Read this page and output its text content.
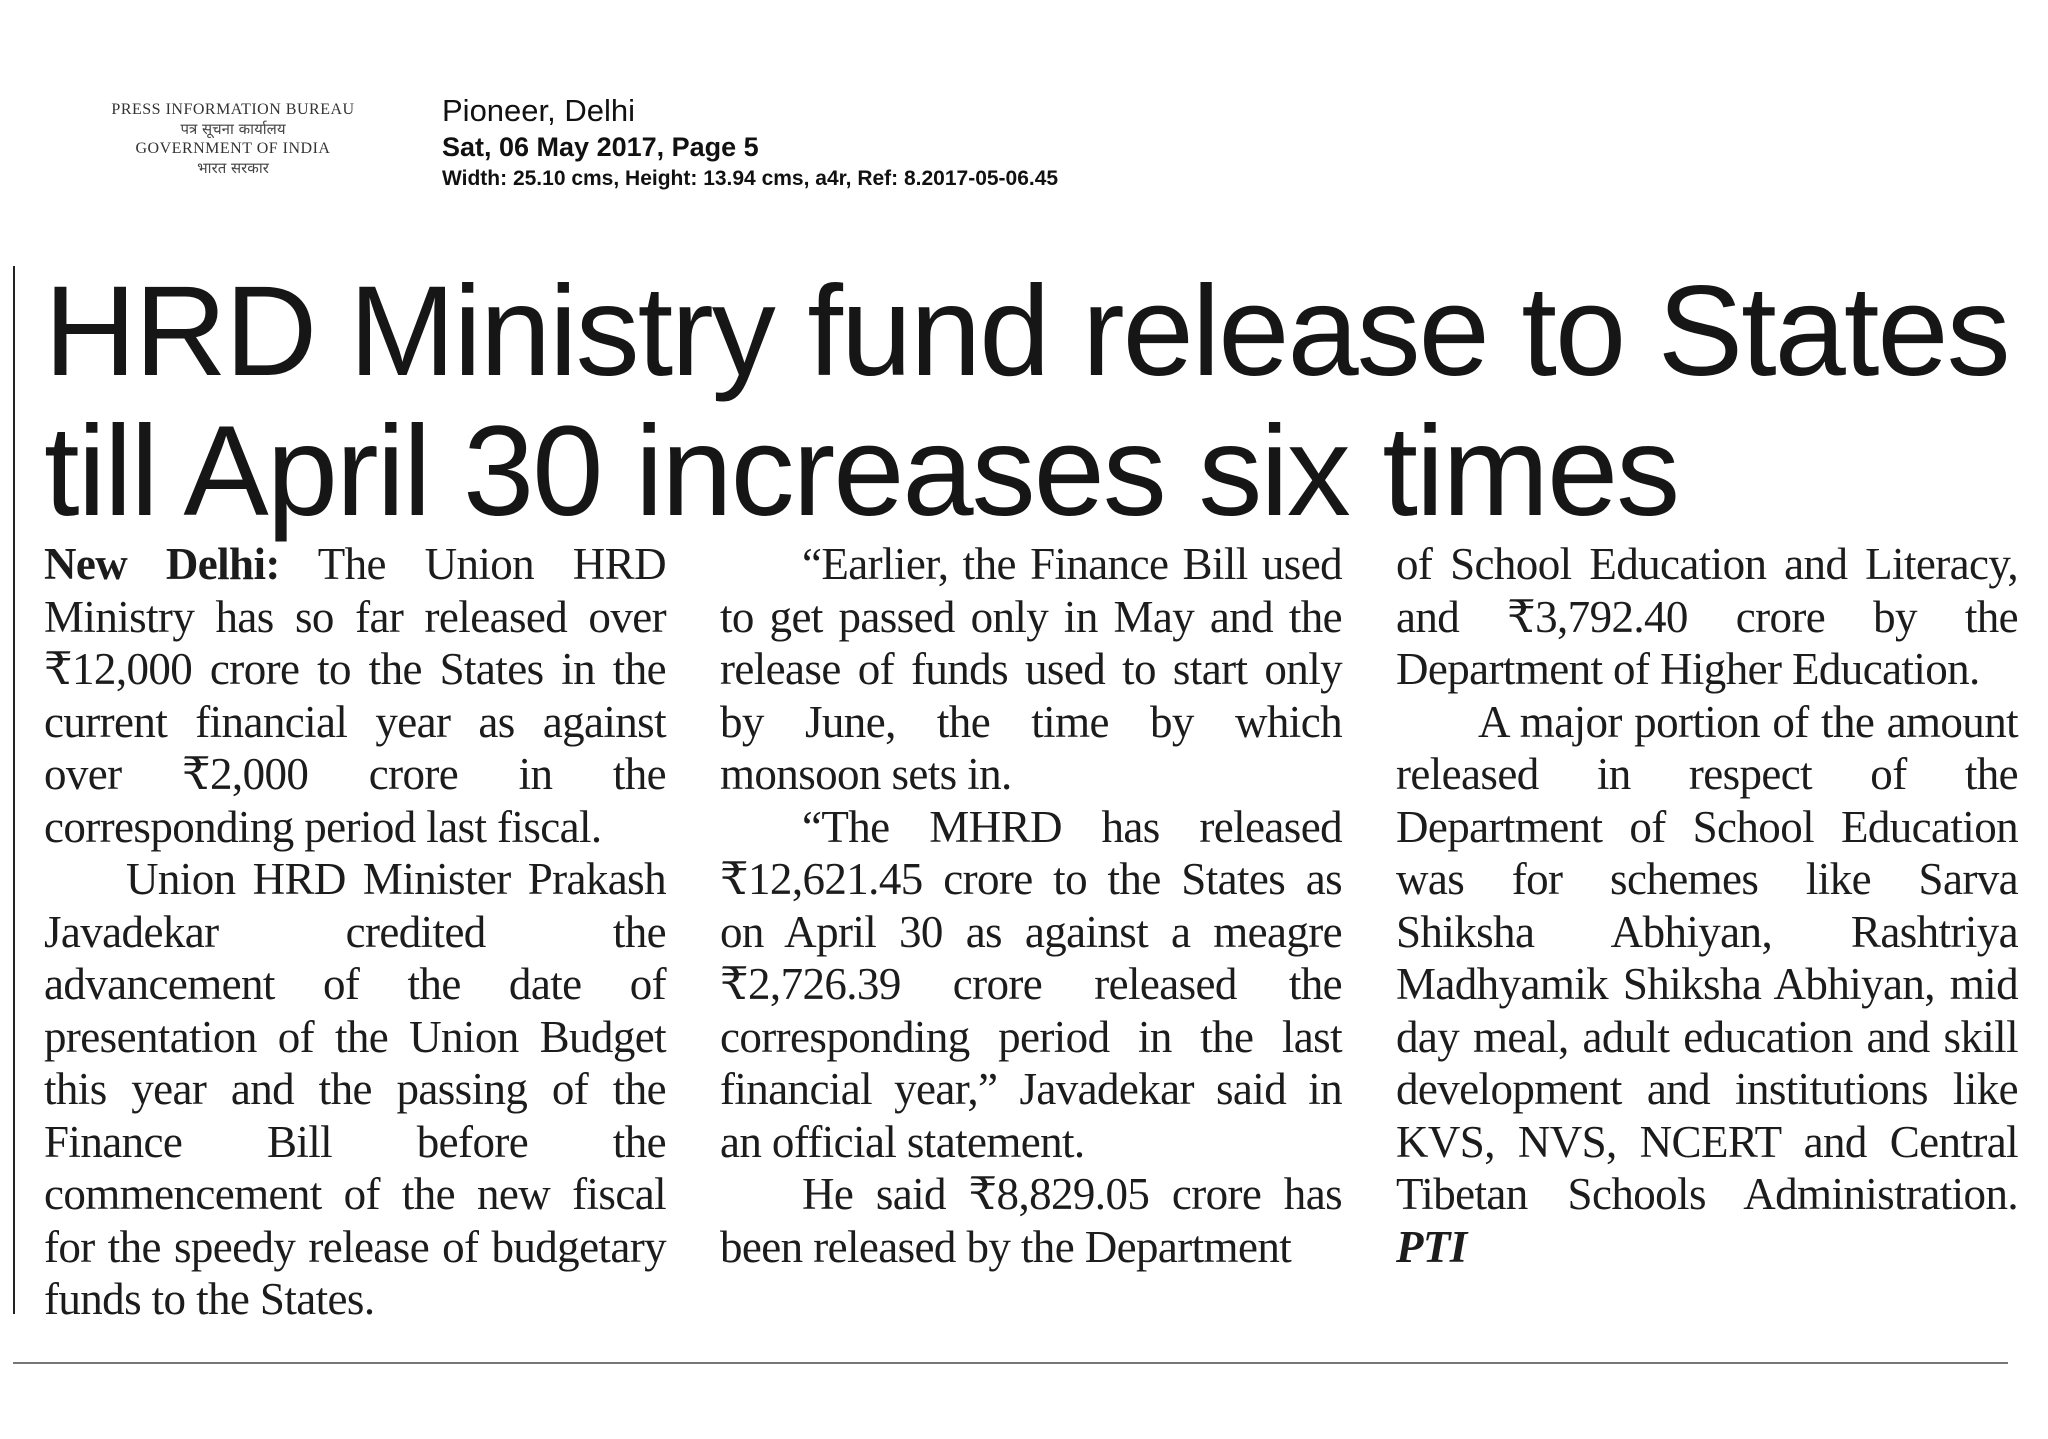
PRESS INFORMATION BUREAU
पत्र सूचना कार्यालय
GOVERNMENT OF INDIA
भारत सरकार
Pioneer, Delhi
Sat, 06 May 2017, Page 5
Width: 25.10 cms, Height: 13.94 cms, a4r, Ref: 8.2017-05-06.45
HRD Ministry fund release to States till April 30 increases six times

New Delhi: The Union HRD Ministry has so far released over ₹12,000 crore to the States in the current financial year as against over ₹2,000 crore in the corresponding period last fiscal.

Union HRD Minister Prakash Javadekar credited the advancement of the date of presentation of the Union Budget this year and the passing of the Finance Bill before the commencement of the new fiscal for the speedy release of budgetary funds to the States.

“Earlier, the Finance Bill used to get passed only in May and the release of funds used to start only by June, the time by which monsoon sets in.

“The MHRD has released ₹12,621.45 crore to the States as on April 30 as against a meagre ₹2,726.39 crore released the corresponding period in the last financial year,” Javadekar said in an official statement.

He said ₹8,829.05 crore has been released by the Department

of School Education and Literacy, and ₹3,792.40 crore by the Department of Higher Education.

A major portion of the amount released in respect of the Department of School Education was for schemes like Sarva Shiksha Abhiyan, Rashtriya Madhyamik Shiksha Abhiyan, mid day meal, adult education and skill development and institutions like KVS, NVS, NCERT and Central Tibetan Schools Administration. PTI
